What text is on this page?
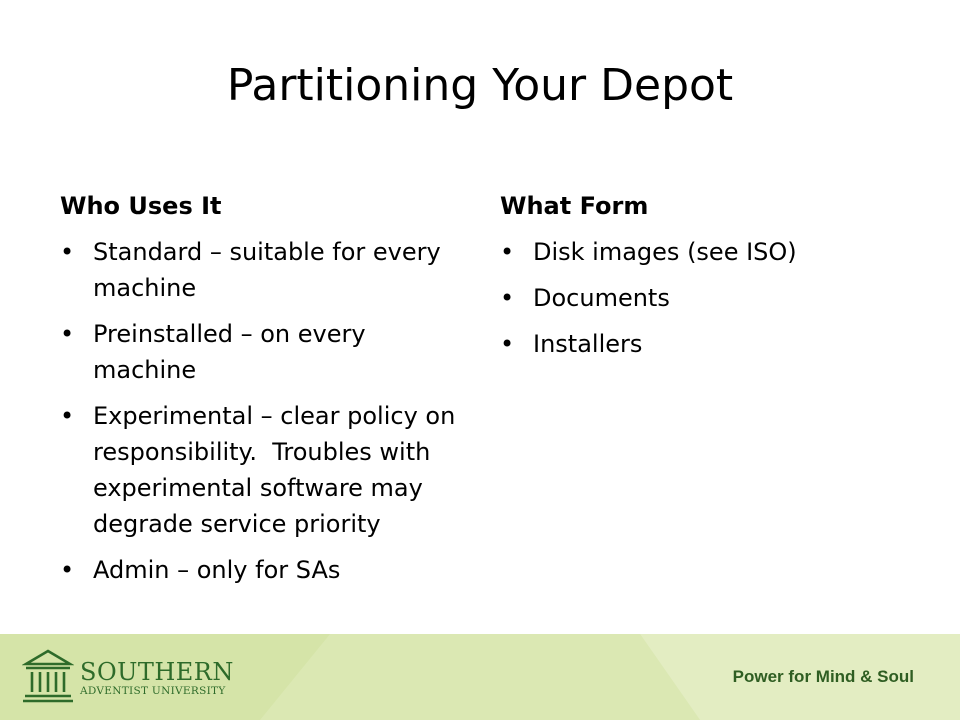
Partitioning Your Depot
Who Uses It
• Standard – suitable for every machine
• Preinstalled – on every machine
• Experimental – clear policy on responsibility.  Troubles with experimental software may degrade service priority
• Admin – only for SAs
What Form
• Disk images (see ISO)
• Documents
• Installers
SOUTHERN
ADVENTIST UNIVERSITY
Power for Mind & Soul
